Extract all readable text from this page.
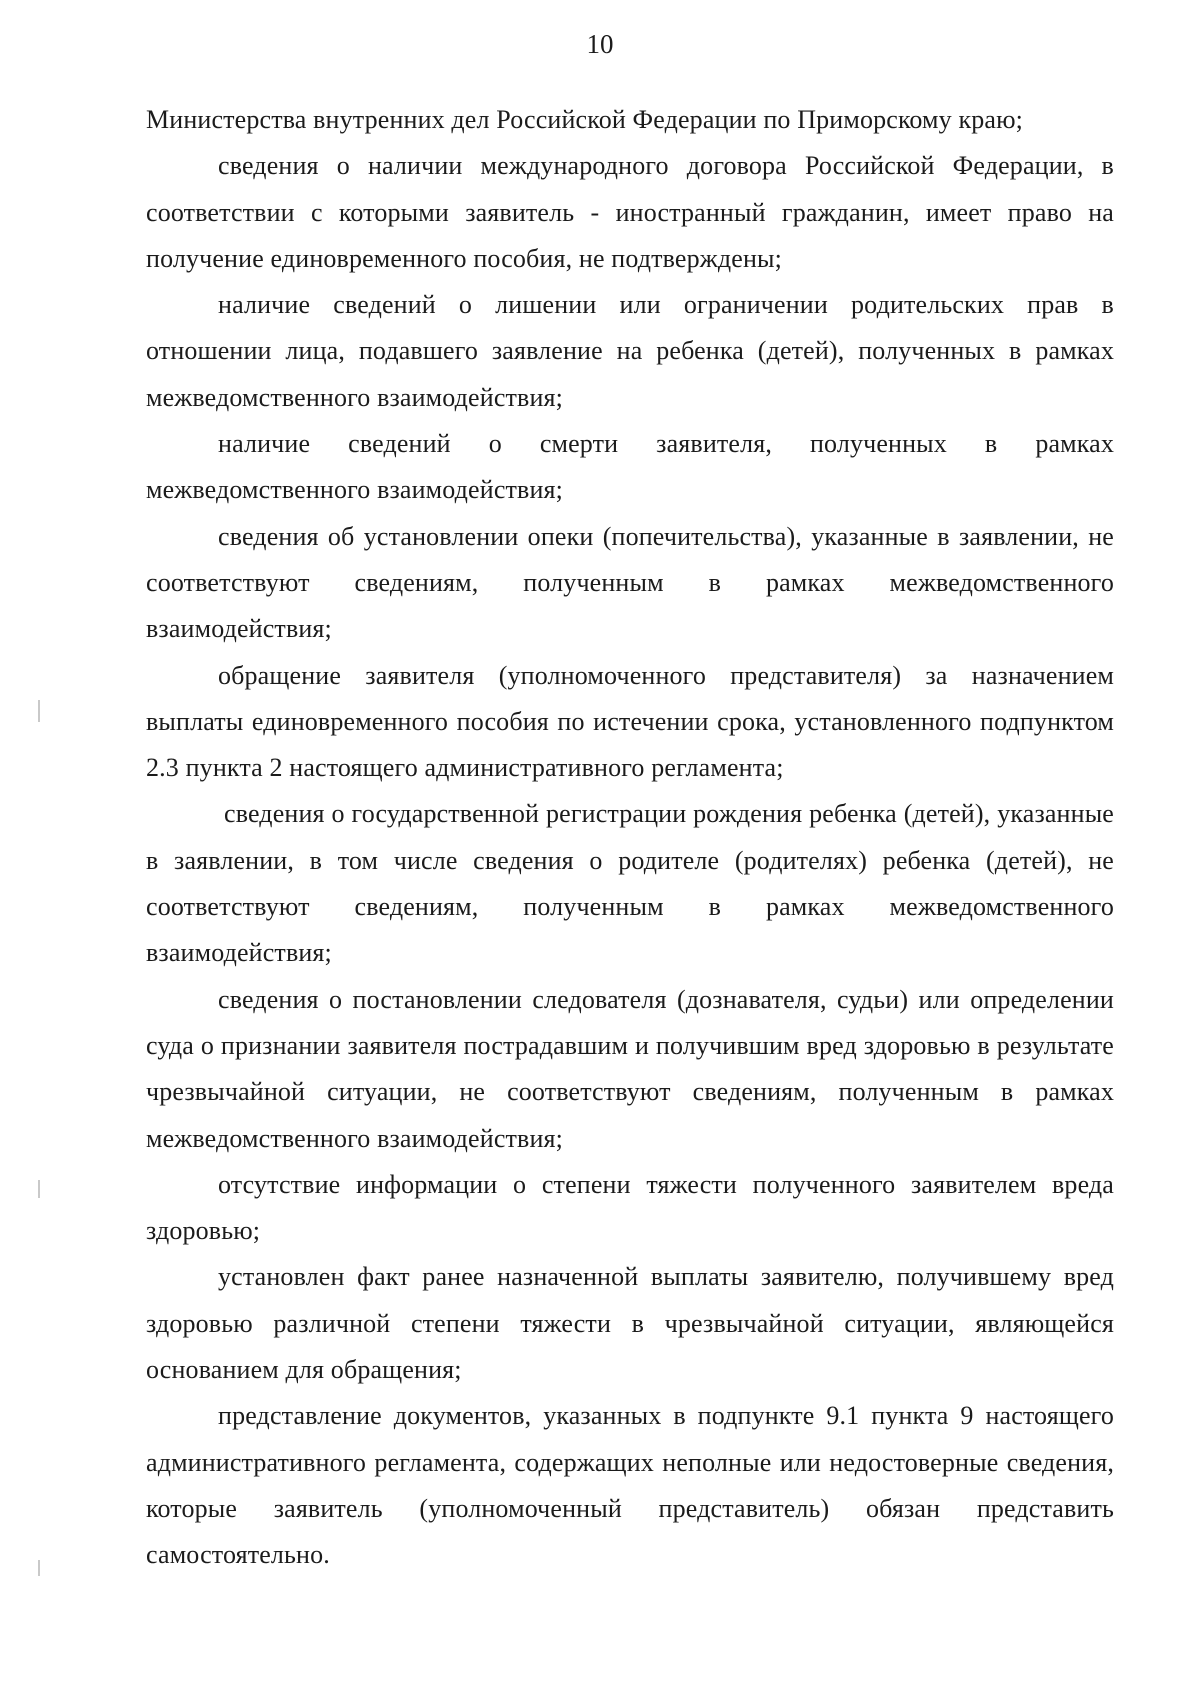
10

Министерства внутренних дел Российской Федерации по Приморскому краю;

сведения о наличии международного договора Российской Федерации, в соответствии с которыми заявитель - иностранный гражданин, имеет право на получение единовременного пособия, не подтверждены;

наличие сведений о лишении или ограничении родительских прав в отношении лица, подавшего заявление на ребенка (детей), полученных в рамках межведомственного взаимодействия;

наличие сведений о смерти заявителя, полученных в рамках межведомственного взаимодействия;

сведения об установлении опеки (попечительства), указанные в заявлении, не соответствуют сведениям, полученным в рамках межведомственного взаимодействия;

обращение заявителя (уполномоченного представителя) за назначением выплаты единовременного пособия по истечении срока, установленного подпунктом 2.3 пункта 2 настоящего административного регламента;

сведения о государственной регистрации рождения ребенка (детей), указанные в заявлении, в том числе сведения о родителе (родителях) ребенка (детей), не соответствуют сведениям, полученным в рамках межведомственного взаимодействия;

сведения о постановлении следователя (дознавателя, судьи) или определении суда о признании заявителя пострадавшим и получившим вред здоровью в результате чрезвычайной ситуации, не соответствуют сведениям, полученным в рамках межведомственного взаимодействия;

отсутствие информации о степени тяжести полученного заявителем вреда здоровью;

установлен факт ранее назначенной выплаты заявителю, получившему вред здоровью различной степени тяжести в чрезвычайной ситуации, являющейся основанием для обращения;

представление документов, указанных в подпункте 9.1 пункта 9 настоящего административного регламента, содержащих неполные или недостоверные сведения, которые заявитель (уполномоченный представитель) обязан представить самостоятельно.
